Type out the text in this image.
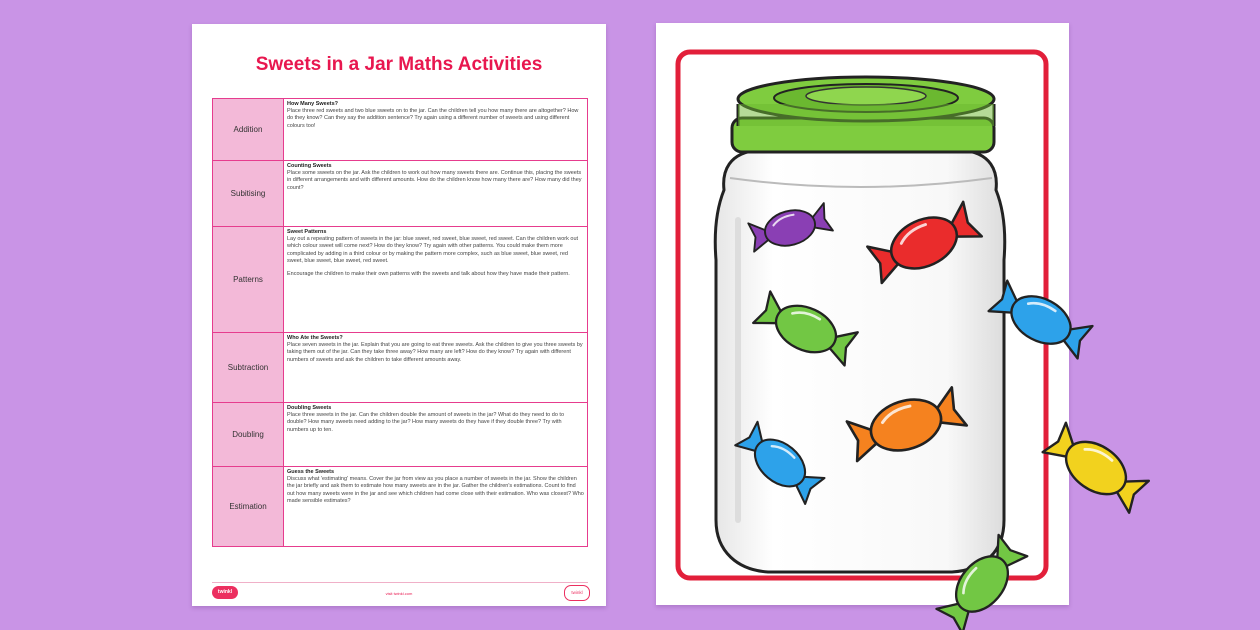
Sweets in a Jar Maths Activities
Addition	How Many Sweets?
Place three red sweets and two blue sweets on to the jar. Can the children tell you how many there are altogether? How do they know? Can they say the addition sentence? Try again using a different number of sweets and using different colours too!

Subitising	Counting Sweets
Place some sweets on the jar. Ask the children to work out how many sweets there are. Continue this, placing the sweets in different arrangements and with different amounts. How do the children know how many there are? How many did they count?

Patterns	Sweet Patterns
Lay out a repeating pattern of sweets in the jar: blue sweet, red sweet, blue sweet, red sweet. Can the children work out which colour sweet will come next? How do they know? Try again with other patterns. You could make them more complicated by adding in a third colour or by making the pattern more complex, such as blue sweet, blue sweet, red sweet, blue sweet, blue sweet, red sweet.
Encourage the children to make their own patterns with the sweets and talk about how they have made their pattern.

Subtraction	Who Ate the Sweets?
Place seven sweets in the jar. Explain that you are going to eat three sweets. Ask the children to give you three sweets by taking them out of the jar. Can they take three away? How many are left? How do they know? Try again with different numbers of sweets and ask the children to take different amounts away.

Doubling	Doubling Sweets
Place three sweets in the jar. Can the children double the amount of sweets in the jar? What do they need to do to double? How many sweets need adding to the jar? How many sweets do they have if they double three? Try with numbers up to ten.

Estimation	Guess the Sweets
Discuss what 'estimating' means. Cover the jar from view as you place a number of sweets in the jar. Show the children the jar briefly and ask them to estimate how many sweets are in the jar. Gather the children's estimations. Count to find out how many sweets were in the jar and see which children had come close with their estimation. Who was closest? Who made sensible estimates?
twinkl	visit twinkl.com	twinkl
